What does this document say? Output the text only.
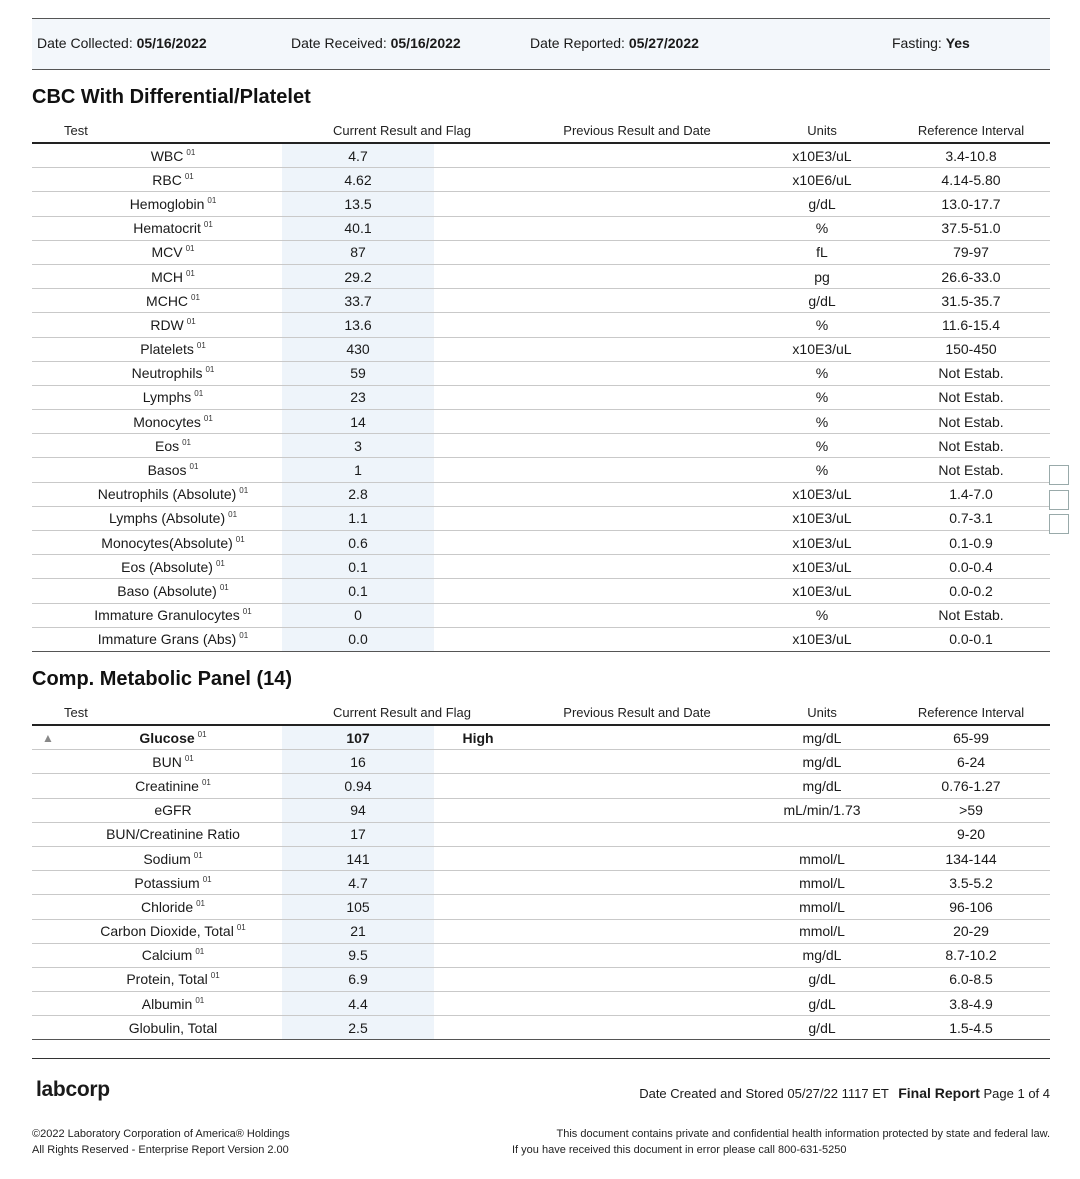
Date Collected: 05/16/2022	Date Received: 05/16/2022	Date Reported: 05/27/2022	Fasting: Yes
CBC With Differential/Platelet
Test		Current Result and Flag		Previous Result and Date	Units	Reference Interval
	WBC $^{01}$	4.7			x10E3/uL	3.4-10.8
	RBC $^{01}$	4.62			x10E6/uL	4.14-5.80
	Hemoglobin $^{01}$	13.5			g/dL	13.0-17.7
	Hematocrit $^{01}$	40.1			%	37.5-51.0
	MCV $^{01}$	87			fL	79-97
	MCH $^{01}$	29.2			pg	26.6-33.0
	MCHC $^{01}$	33.7			g/dL	31.5-35.7
	RDW $^{01}$	13.6			%	11.6-15.4
	Platelets $^{01}$	430			x10E3/uL	150-450
	Neutrophils $^{01}$	59			%	Not Estab.
	Lymphs $^{01}$	23			%	Not Estab.
	Monocytes $^{01}$	14			%	Not Estab.
	Eos $^{01}$	3			%	Not Estab.
	Basos $^{01}$	1			%	Not Estab.
	Neutrophils (Absolute) $^{01}$	2.8			x10E3/uL	1.4-7.0
	Lymphs (Absolute) $^{01}$	1.1			x10E3/uL	0.7-3.1
	Monocytes(Absolute) $^{01}$	0.6			x10E3/uL	0.1-0.9
	Eos (Absolute) $^{01}$	0.1			x10E3/uL	0.0-0.4
	Baso (Absolute) $^{01}$	0.1			x10E3/uL	0.0-0.2
	Immature Granulocytes $^{01}$	0			%	Not Estab.
	Immature Grans (Abs) $^{01}$	0.0			x10E3/uL	0.0-0.1
Comp. Metabolic Panel (14)
Test		Current Result and Flag		Previous Result and Date	Units	Reference Interval
▲	Glucose $^{01}$	107	High		mg/dL	65-99
	BUN $^{01}$	16			mg/dL	6-24
	Creatinine $^{01}$	0.94			mg/dL	0.76-1.27
	eGFR	94			mL/min/1.73	>59
	BUN/Creatinine Ratio	17				9-20
	Sodium $^{01}$	141			mmol/L	134-144
	Potassium $^{01}$	4.7			mmol/L	3.5-5.2
	Chloride $^{01}$	105			mmol/L	96-106
	Carbon Dioxide, Total $^{01}$	21			mmol/L	20-29
	Calcium $^{01}$	9.5			mg/dL	8.7-10.2
	Protein, Total $^{01}$	6.9			g/dL	6.0-8.5
	Albumin $^{01}$	4.4			g/dL	3.8-4.9
	Globulin, Total	2.5			g/dL	1.5-4.5
labcorp	Date Created and Stored 05/27/22 1117 ET Final Report Page 1 of 4
©2022 Laboratory Corporation of America® Holdings
All Rights Reserved - Enterprise Report Version 2.00
This document contains private and confidential health information protected by state and federal law.
If you have received this document in error please call 800-631-5250
